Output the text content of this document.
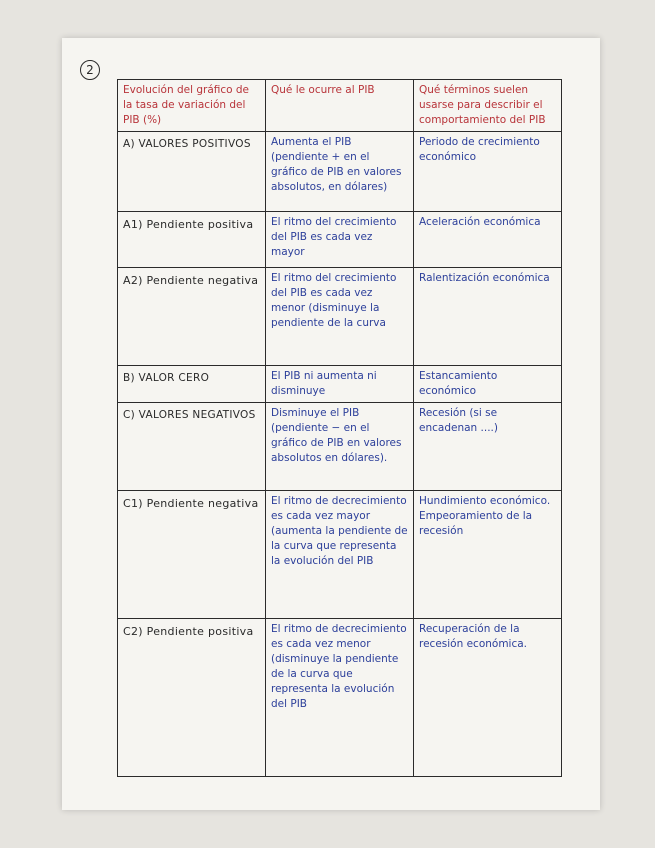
2
Evolución del gráfico de la tasa de variación del PIB (%)	Qué le ocurre al PIB	Qué términos suelen usarse para describir el comportamiento del PIB

A) VALORES POSITIVOS	Aumenta el PIB (pendiente + en el gráfico de PIB en valores absolutos, en dólares)	Periodo de crecimiento económico

A1) Pendiente positiva	El ritmo del crecimiento del PIB es cada vez mayor	Aceleración económica

A2) Pendiente negativa	El ritmo del crecimiento del PIB es cada vez menor (disminuye la pendiente de la curva	Ralentización económica

B) VALOR CERO	El PIB ni aumenta ni disminuye	Estancamiento económico

C) VALORES NEGATIVOS	Disminuye el PIB (pendiente − en el gráfico de PIB en valores absolutos en dólares).	Recesión (si se encadenan ....)

C1) Pendiente negativa	El ritmo de decrecimiento es cada vez mayor (aumenta la pendiente de la curva que representa la evolución del PIB	Hundimiento económico. Empeoramiento de la recesión

C2) Pendiente positiva	El ritmo de decrecimiento es cada vez menor (disminuye la pendiente de la curva que representa la evolución del PIB	Recuperación de la recesión económica.
